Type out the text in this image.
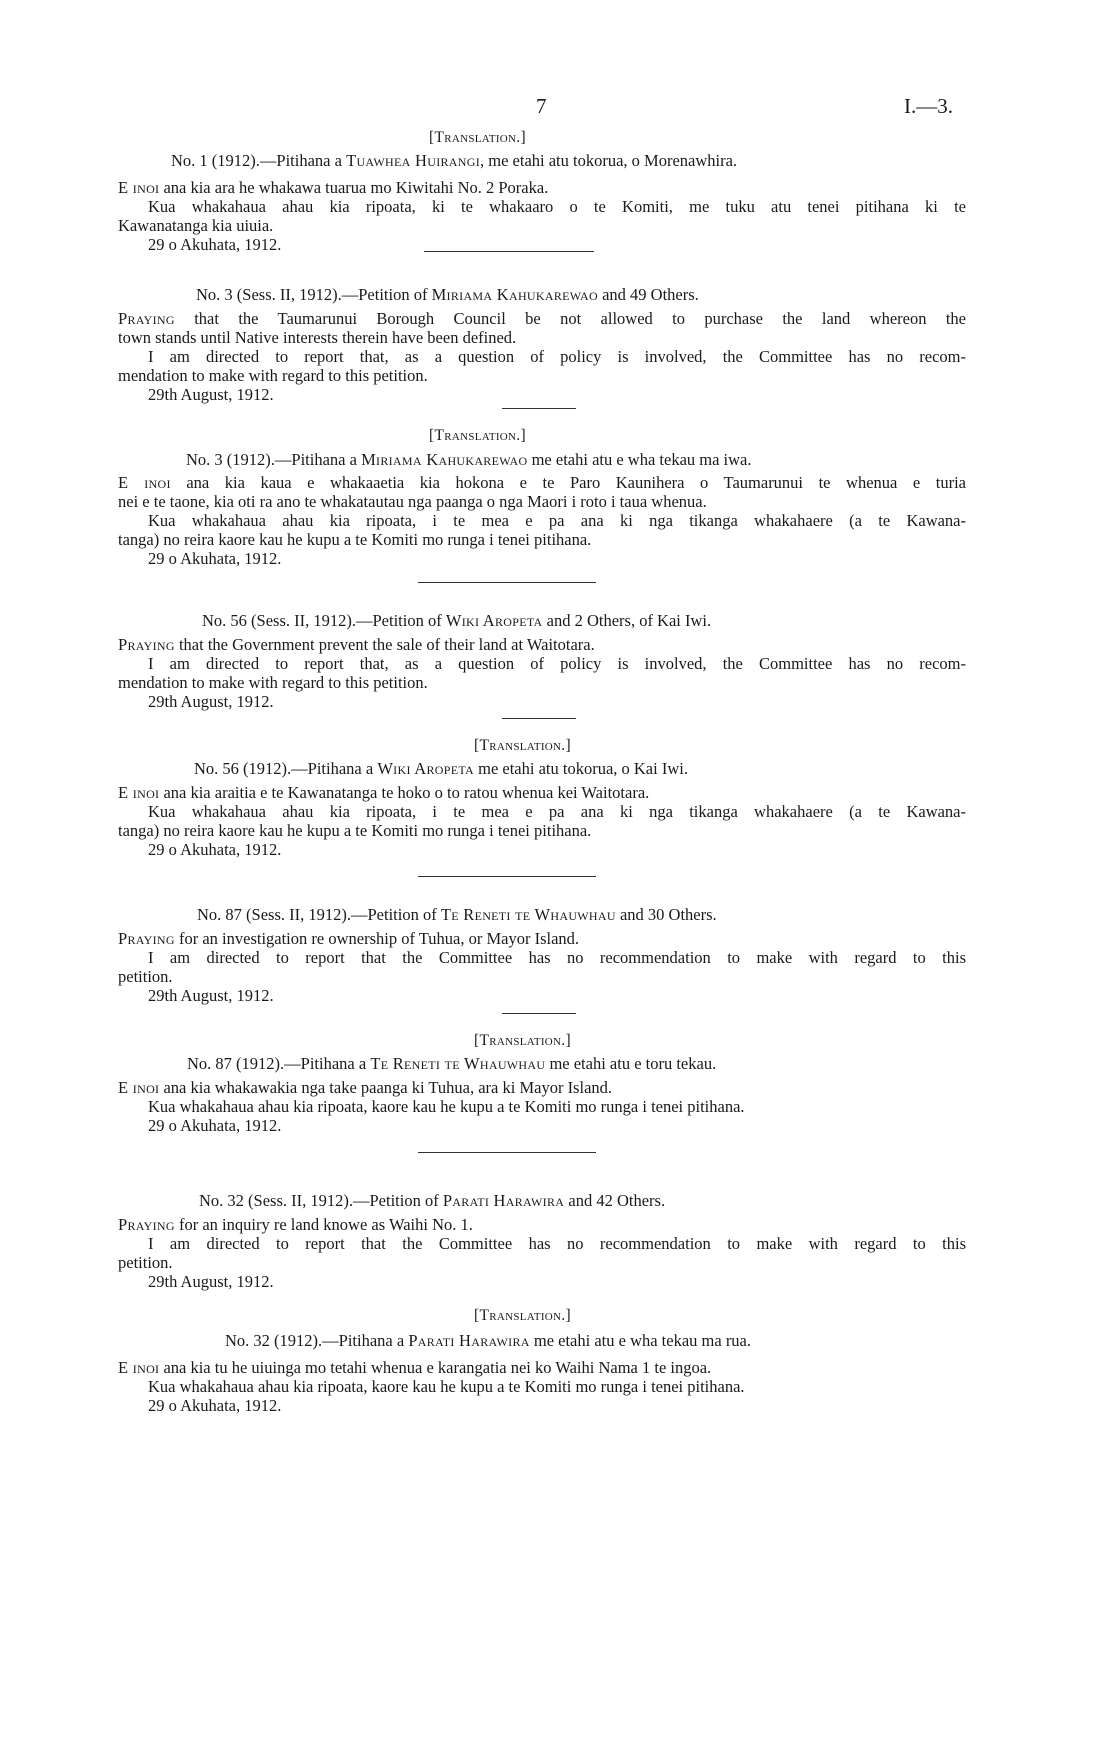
7	I.—3.
[Translation.]
No. 1 (1912).—Pitihana a Tuawhea Huirangi, me etahi atu tokorua, o Morenawhira.
E inoi ana kia ara he whakawa tuarua mo Kiwitahi No. 2 Poraka.
Kua whakahaua ahau kia ripoata, ki te whakaaro o te Komiti, me tuku atu tenei pitihana ki te
Kawanatanga kia uiuia.
29 o Akuhata, 1912.
No. 3 (Sess. II, 1912).—Petition of Miriama Kahukarewao and 49 Others.
Praying that the Taumarunui Borough Council be not allowed to purchase the land whereon the
town stands until Native interests therein have been defined.
I am directed to report that, as a question of policy is involved, the Committee has no recom-
mendation to make with regard to this petition.
29th August, 1912.
[Translation.]
No. 3 (1912).—Pitihana a Miriama Kahukarewao me etahi atu e wha tekau ma iwa.
E inoi ana kia kaua e whakaaetia kia hokona e te Paro Kaunihera o Taumarunui te whenua e turia
nei e te taone, kia oti ra ano te whakatautau nga paanga o nga Maori i roto i taua whenua.
Kua whakahaua ahau kia ripoata, i te mea e pa ana ki nga tikanga whakahaere (a te Kawana-
tanga) no reira kaore kau he kupu a te Komiti mo runga i tenei pitihana.
29 o Akuhata, 1912.
No. 56 (Sess. II, 1912).—Petition of Wiki Aropeta and 2 Others, of Kai Iwi.
Praying that the Government prevent the sale of their land at Waitotara.
I am directed to report that, as a question of policy is involved, the Committee has no recom-
mendation to make with regard to this petition.
29th August, 1912.
[Translation.]
No. 56 (1912).—Pitihana a Wiki Aropeta me etahi atu tokorua, o Kai Iwi.
E inoi ana kia araitia e te Kawanatanga te hoko o to ratou whenua kei Waitotara.
Kua whakahaua ahau kia ripoata, i te mea e pa ana ki nga tikanga whakahaere (a te Kawana-
tanga) no reira kaore kau he kupu a te Komiti mo runga i tenei pitihana.
29 o Akuhata, 1912.
No. 87 (Sess. II, 1912).—Petition of Te Reneti te Whauwhau and 30 Others.
Praying for an investigation re ownership of Tuhua, or Mayor Island.
I am directed to report that the Committee has no recommendation to make with regard to this
petition.
29th August, 1912.
[Translation.]
No. 87 (1912).—Pitihana a Te Reneti te Whauwhau me etahi atu e toru tekau.
E inoi ana kia whakawakia nga take paanga ki Tuhua, ara ki Mayor Island.
Kua whakahaua ahau kia ripoata, kaore kau he kupu a te Komiti mo runga i tenei pitihana.
29 o Akuhata, 1912.
No. 32 (Sess. II, 1912).—Petition of Parati Harawira and 42 Others.
Praying for an inquiry re land knowe as Waihi No. 1.
I am directed to report that the Committee has no recommendation to make with regard to this
petition.
29th August, 1912.
[Translation.]
No. 32 (1912).—Pitihana a Parati Harawira me etahi atu e wha tekau ma rua.
E inoi ana kia tu he uiuinga mo tetahi whenua e karangatia nei ko Waihi Nama 1 te ingoa.
Kua whakahaua ahau kia ripoata, kaore kau he kupu a te Komiti mo runga i tenei pitihana.
29 o Akuhata, 1912.
